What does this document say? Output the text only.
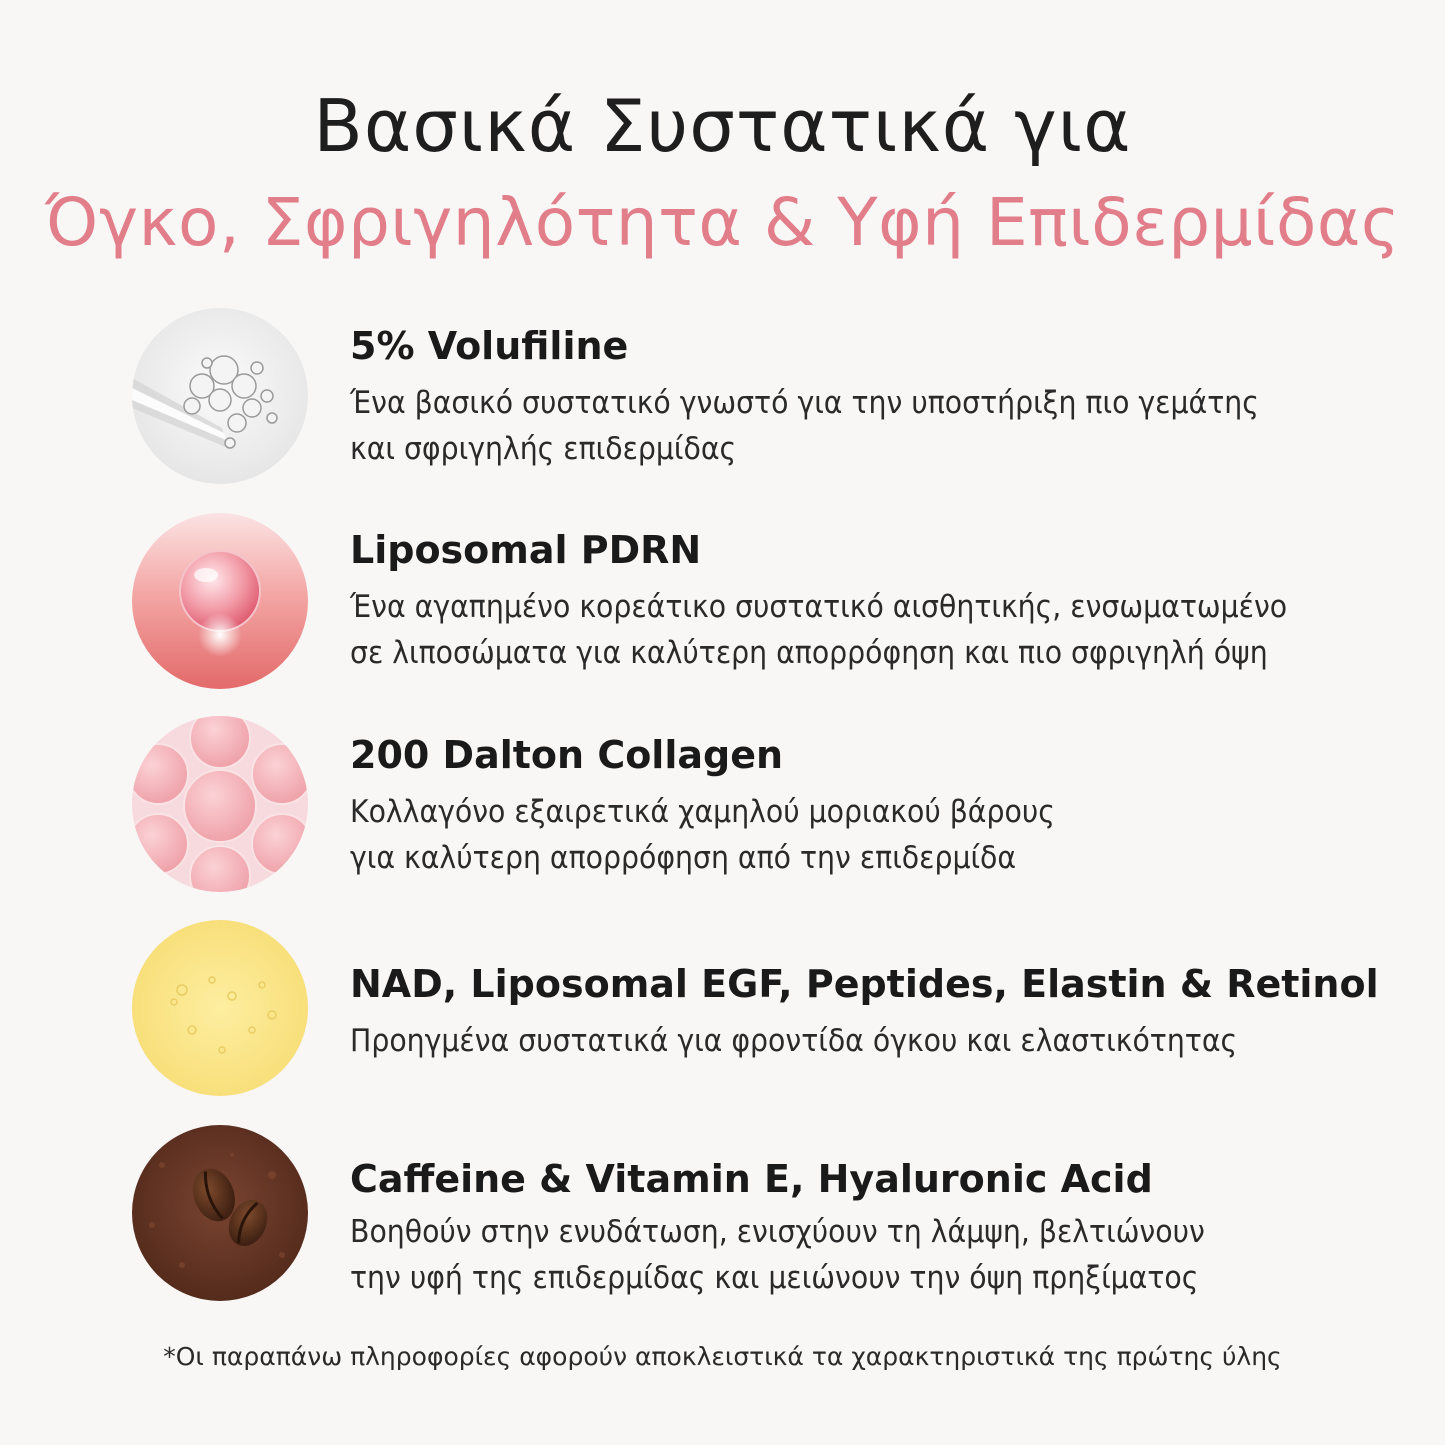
Βασικά Συστατικά για
Όγκο, Σφριγηλότητα & Υφή Επιδερμίδας
5% Volufiline
Ένα βασικό συστατικό γνωστό για την υποστήριξη πιο γεμάτης
και σφριγηλής επιδερμίδας
Liposomal PDRN
Ένα αγαπημένο κορεάτικο συστατικό αισθητικής, ενσωματωμένο
σε λιποσώματα για καλύτερη απορρόφηση και πιο σφριγηλή όψη
200 Dalton Collagen
Κολλαγόνο εξαιρετικά χαμηλού μοριακού βάρους
για καλύτερη απορρόφηση από την επιδερμίδα
NAD, Liposomal EGF, Peptides, Elastin & Retinol
Προηγμένα συστατικά για φροντίδα όγκου και ελαστικότητας
Caffeine & Vitamin E, Hyaluronic Acid
Βοηθούν στην ενυδάτωση, ενισχύουν τη λάμψη, βελτιώνουν
την υφή της επιδερμίδας και μειώνουν την όψη πρηξίματος
*Οι παραπάνω πληροφορίες αφορούν αποκλειστικά τα χαρακτηριστικά της πρώτης ύλης
